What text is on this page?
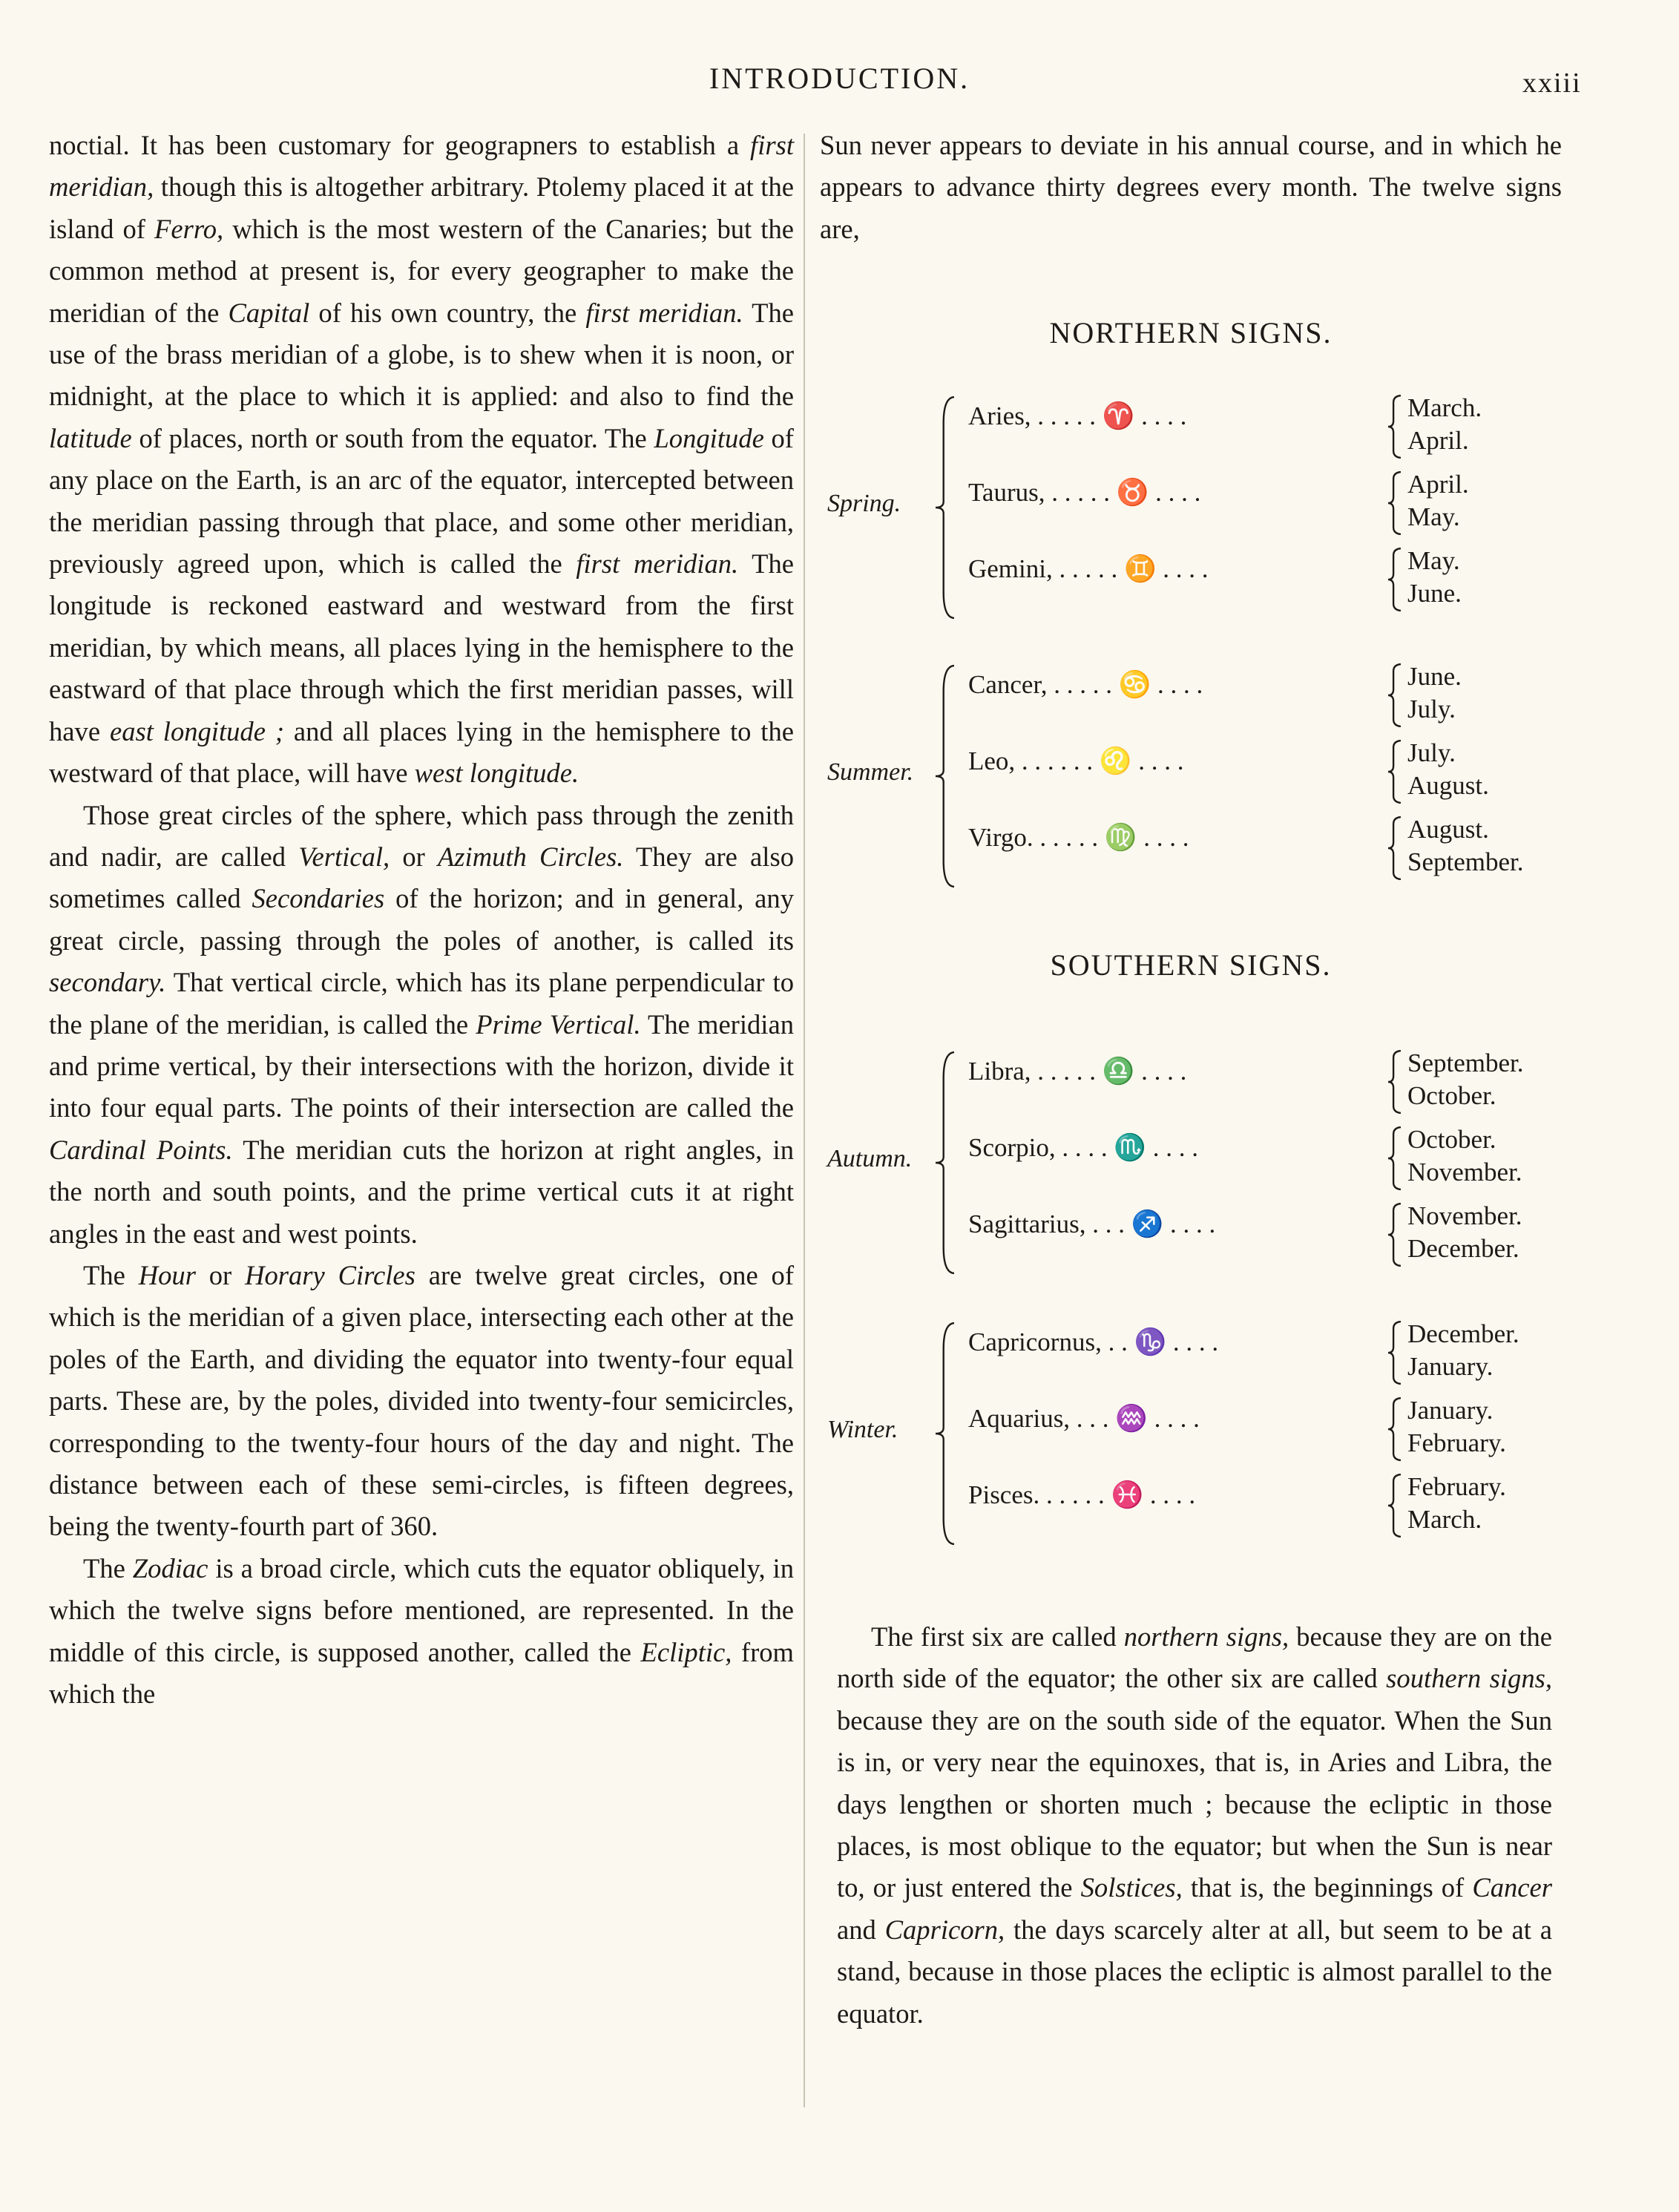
INTRODUCTION.	xxiii

noctial. It has been customary for geograpners to establish a first meridian, though this is altogether arbitrary. Ptolemy placed it at the island of Ferro, which is the most western of the Canaries; but the common method at present is, for every geographer to make the meridian of the Capital of his own country, the first meridian. The use of the brass meridian of a globe, is to shew when it is noon, or midnight, at the place to which it is applied: and also to find the latitude of places, north or south from the equator. The Longitude of any place on the Earth, is an arc of the equator, intercepted between the meridian passing through that place, and some other meridian, previously agreed upon, which is called the first meridian. The longitude is reckoned eastward and westward from the first meridian, by which means, all places lying in the hemisphere to the eastward of that place through which the first meridian passes, will have east longitude ; and all places lying in the hemisphere to the westward of that place, will have west longitude.

Those great circles of the sphere, which pass through the zenith and nadir, are called Vertical, or Azimuth Circles. They are also sometimes called Secondaries of the horizon; and in general, any great circle, passing through the poles of another, is called its secondary. That vertical circle, which has its plane perpendicular to the plane of the meridian, is called the Prime Vertical. The meridian and prime vertical, by their intersections with the horizon, divide it into four equal parts. The points of their intersection are called the Cardinal Points. The meridian cuts the horizon at right angles, in the north and south points, and the prime vertical cuts it at right angles in the east and west points.

The Hour or Horary Circles are twelve great circles, one of which is the meridian of a given place, intersecting each other at the poles of the Earth, and dividing the equator into twenty-four equal parts. These are, by the poles, divided into twenty-four semicircles, corresponding to the twenty-four hours of the day and night. The distance between each of these semi-circles, is fifteen degrees, being the twenty-fourth part of 360.

The Zodiac is a broad circle, which cuts the equator obliquely, in which the twelve signs before mentioned, are represented. In the middle of this circle, is supposed another, called the Ecliptic, from which the

Sun never appears to deviate in his annual course, and in which he appears to advance thirty degrees every month. The twelve signs are,

NORTHERN SIGNS.
SOUTHERN SIGNS.
Spring.
Aries, . . . . . ♈ . . . .	March.
April.
Taurus, . . . . . ♉ . . . .	April.
May.
Gemini, . . . . . ♊ . . . .	May.
June.
Summer.
Cancer, . . . . . ♋ . . . .	June.
July.
Leo, . . . . . . ♌ . . . .	July.
August.
Virgo. . . . . . ♍ . . . .	August.
September.
Autumn.
Libra, . . . . . ♎ . . . .	September.
October.
Scorpio, . . . . ♏ . . . .	October.
November.
Sagittarius, . . . ♐ . . . .	November.
December.
Winter.
Capricornus, . . ♑ . . . .	December.
January.
Aquarius, . . . ♒ . . . .	January.
February.
Pisces. . . . . . ♓ . . . .	February.
March.

The first six are called northern signs, because they are on the north side of the equator; the other six are called southern signs, because they are on the south side of the equator. When the Sun is in, or very near the equinoxes, that is, in Aries and Libra, the days lengthen or shorten much ; because the ecliptic in those places, is most oblique to the equator; but when the Sun is near to, or just entered the Solstices, that is, the beginnings of Cancer and Capricorn, the days scarcely alter at all, but seem to be at a stand, because in those places the ecliptic is almost parallel to the equator.
